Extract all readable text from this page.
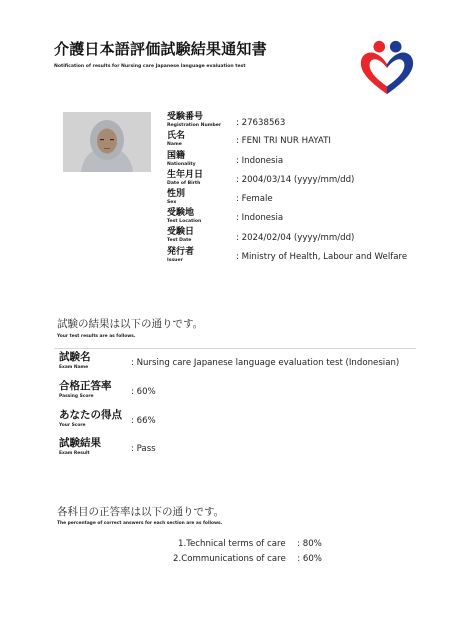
介護日本語評価試験結果通知書
Notification of results for Nursing care Japanese language evaluation test
受験番号
Registration Number : 27638563
氏名
Name	: FENI TRI NUR HAYATI
国籍
Nationality	: Indonesia
生年月日
Date of Birth	: 2004/03/14 (yyyy/mm/dd)
性別
Sex	: Female
受験地
Test Location	: Indonesia
受験日
Test Date	: 2024/02/04 (yyyy/mm/dd)
発行者
Issuer	: Ministry of Health, Labour and Welfare
試験の結果は以下の通りです。
Your test results are as follows.
試験名
Exam Name	: Nursing care Japanese language evaluation test (Indonesian)
合格正答率
Passing Score	: 60%
あなたの得点
Your Score	: 66%
試験結果
Exam Result	: Pass
各科目の正答率は以下の通りです。
The percentage of correct answers for each section are as follows.
1.Technical terms of care : 80%
2.Communications of care : 60%
